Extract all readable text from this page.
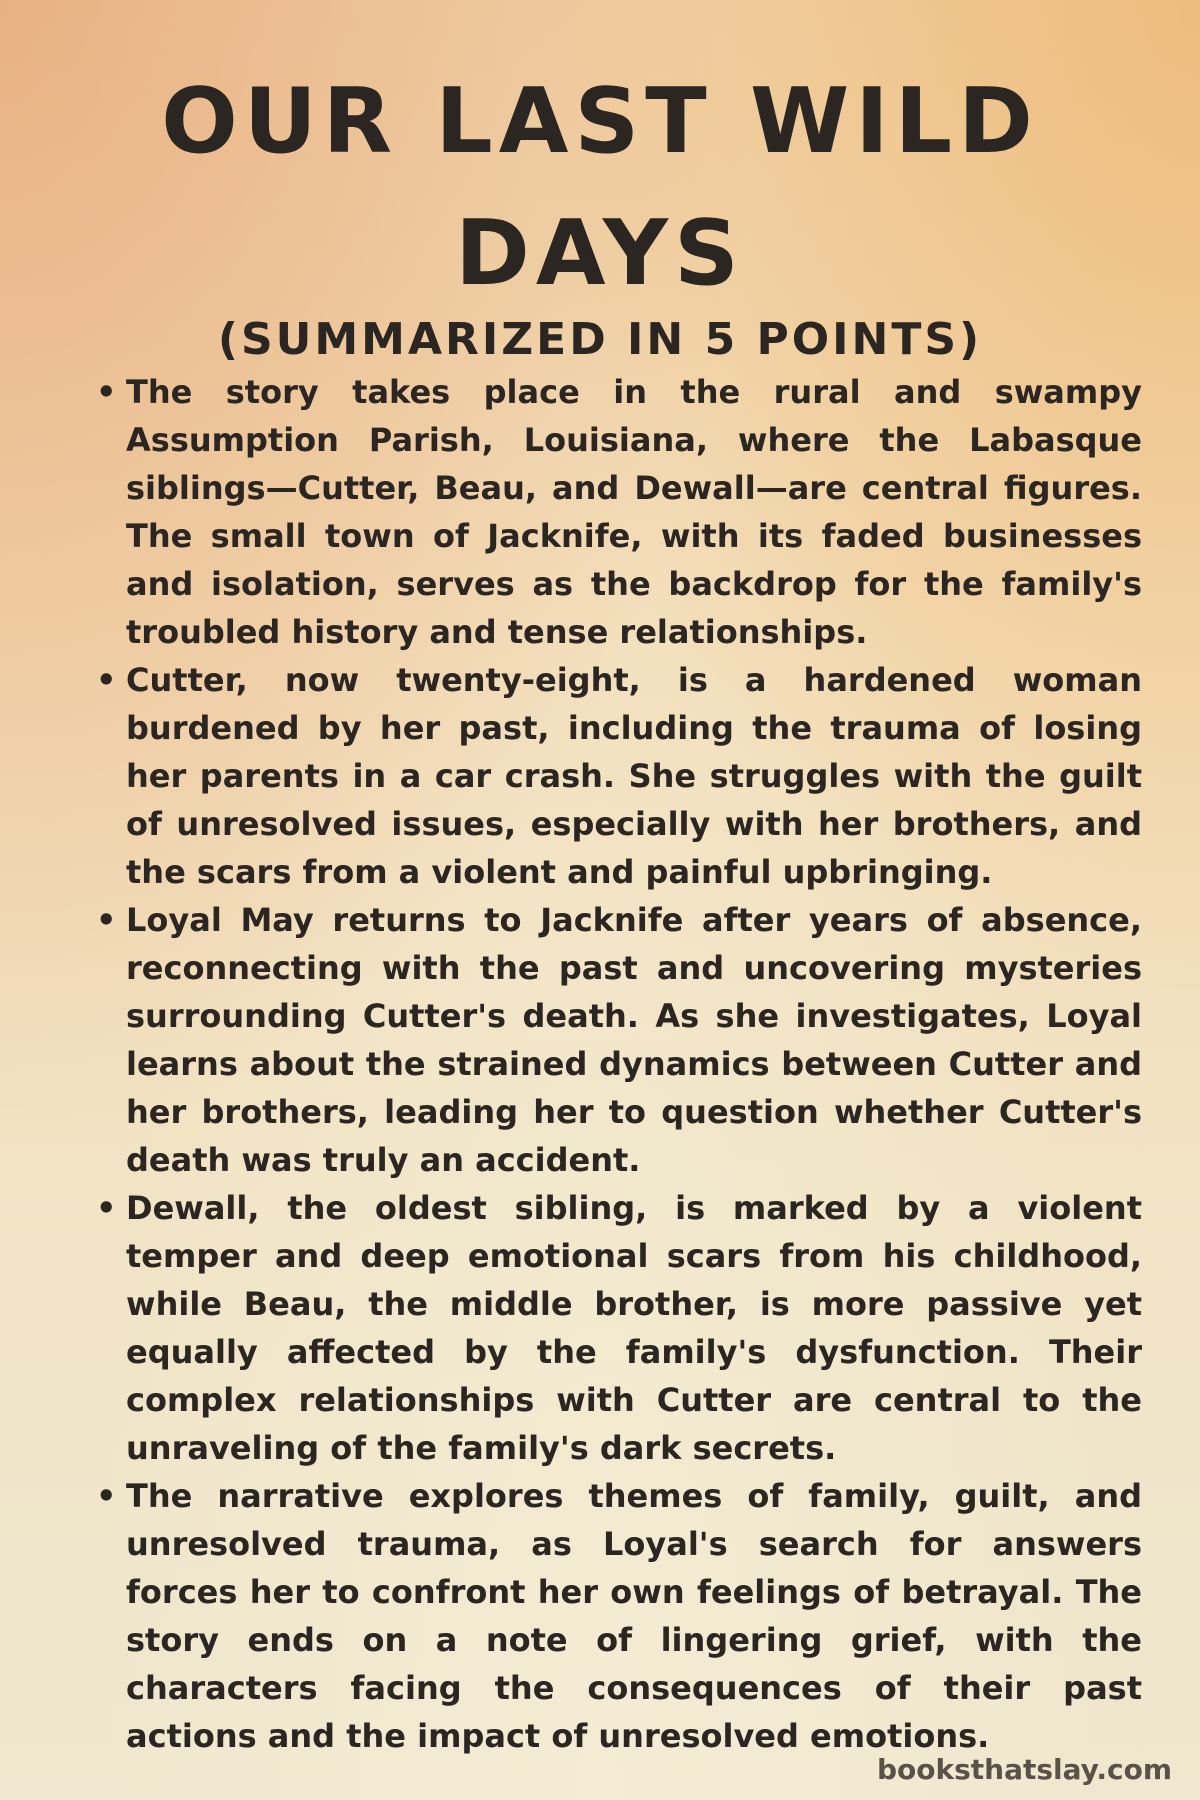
OUR LAST WILD DAYS
(SUMMARIZED IN 5 POINTS)
• The story takes place in the rural and swampy Assumption Parish, Louisiana, where the Labasque siblings—Cutter, Beau, and Dewall—are central figures. The small town of Jacknife, with its faded businesses and isolation, serves as the backdrop for the family's troubled history and tense relationships.
• Cutter, now twenty-eight, is a hardened woman burdened by her past, including the trauma of losing her parents in a car crash. She struggles with the guilt of unresolved issues, especially with her brothers, and the scars from a violent and painful upbringing.
• Loyal May returns to Jacknife after years of absence, reconnecting with the past and uncovering mysteries surrounding Cutter's death. As she investigates, Loyal learns about the strained dynamics between Cutter and her brothers, leading her to question whether Cutter's death was truly an accident.
• Dewall, the oldest sibling, is marked by a violent temper and deep emotional scars from his childhood, while Beau, the middle brother, is more passive yet equally affected by the family's dysfunction. Their complex relationships with Cutter are central to the unraveling of the family's dark secrets.
• The narrative explores themes of family, guilt, and unresolved trauma, as Loyal's search for answers forces her to confront her own feelings of betrayal. The story ends on a note of lingering grief, with the characters facing the consequences of their past actions and the impact of unresolved emotions.
booksthatslay.com
